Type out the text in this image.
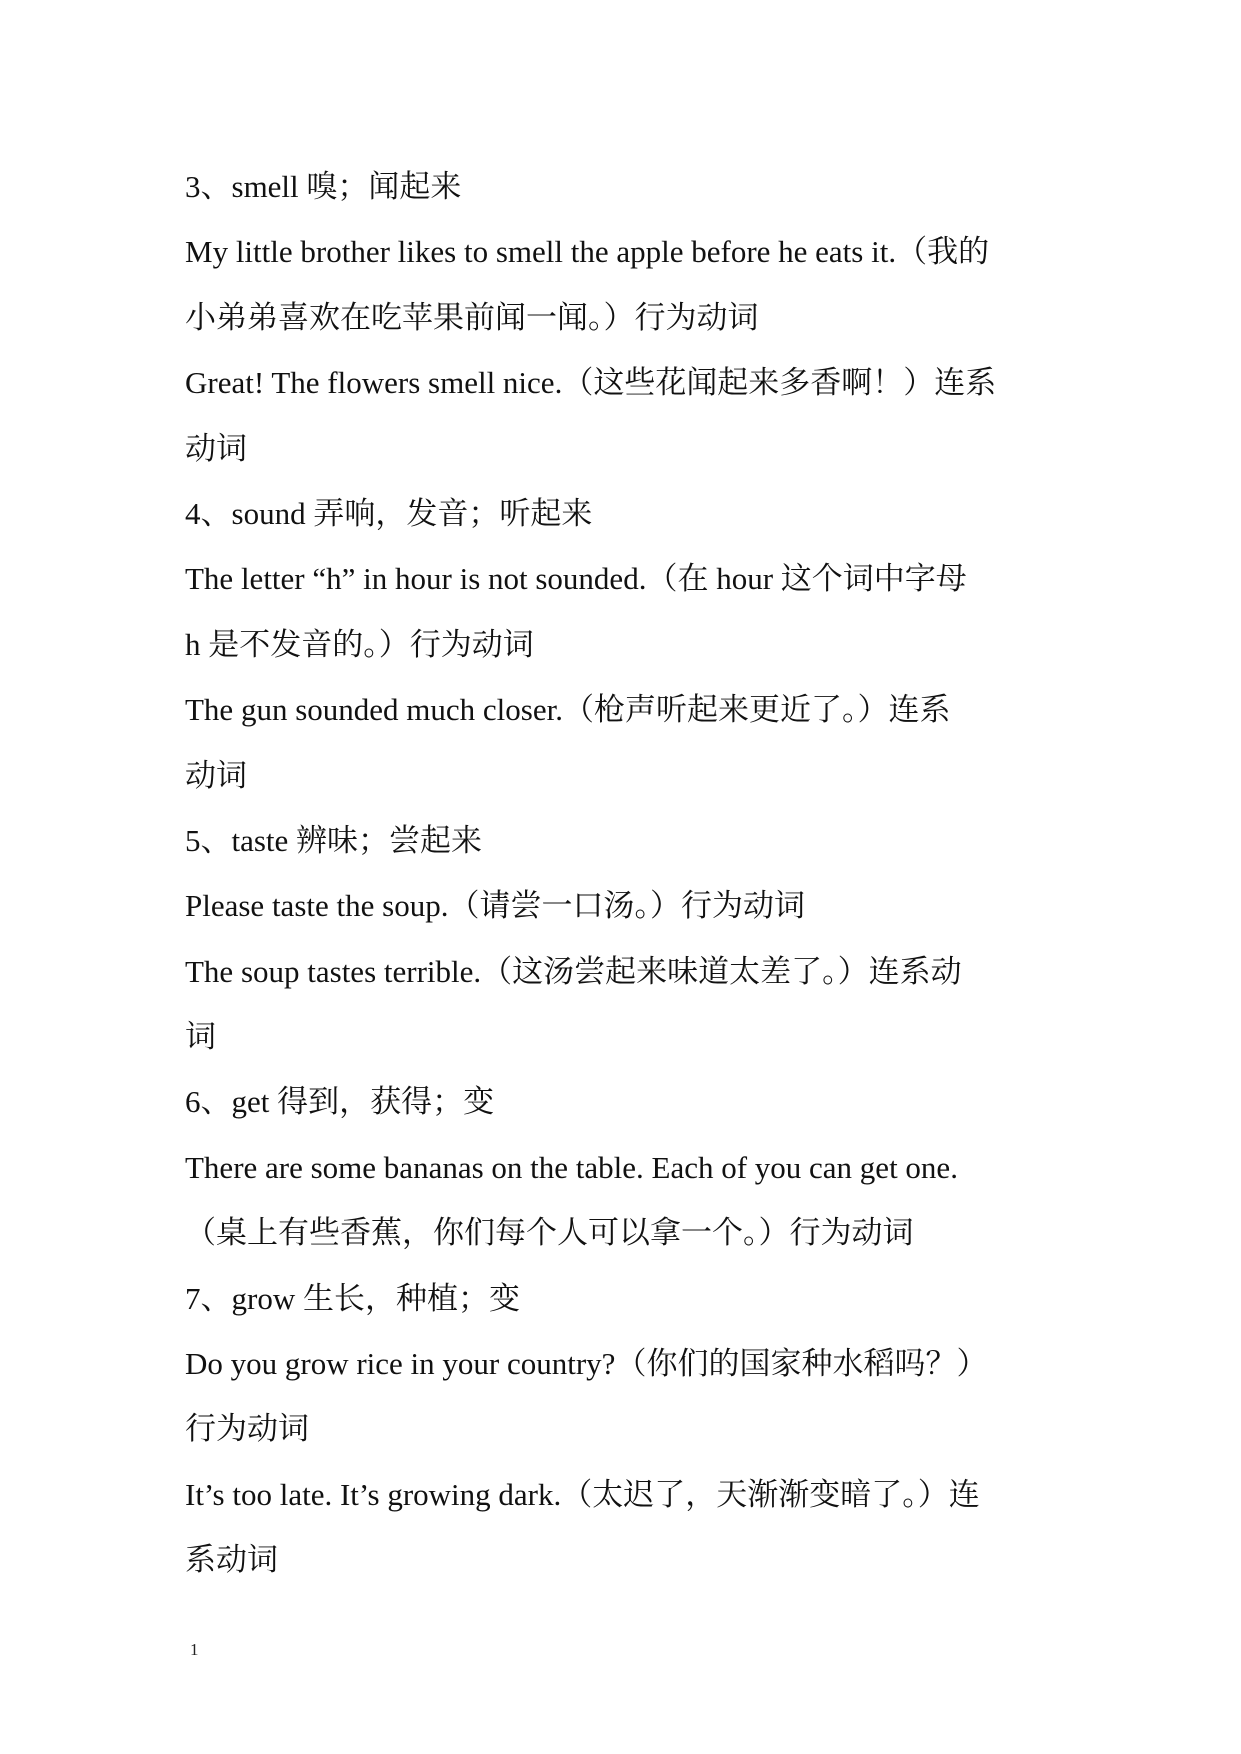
3、smell 嗅；闻起来
My little brother likes to smell the apple before he eats it.（我的
小弟弟喜欢在吃苹果前闻一闻。）行为动词
Great! The flowers smell nice.（这些花闻起来多香啊！）连系
动词
4、sound 弄响，发音；听起来
The letter “h” in hour is not sounded.（在 hour 这个词中字母
h 是不发音的。）行为动词
The gun sounded much closer.（枪声听起来更近了。）连系
动词
5、taste 辨味；尝起来
Please taste the soup.（请尝一口汤。）行为动词
The soup tastes terrible.（这汤尝起来味道太差了。）连系动
词
6、get 得到，获得；变
There are some bananas on the table. Each of you can get one.
（桌上有些香蕉，你们每个人可以拿一个。）行为动词
7、grow 生长，种植；变
Do you grow rice in your country?（你们的国家种水稻吗？）
行为动词
It’s too late. It’s growing dark.（太迟了，天渐渐变暗了。）连
系动词
1
